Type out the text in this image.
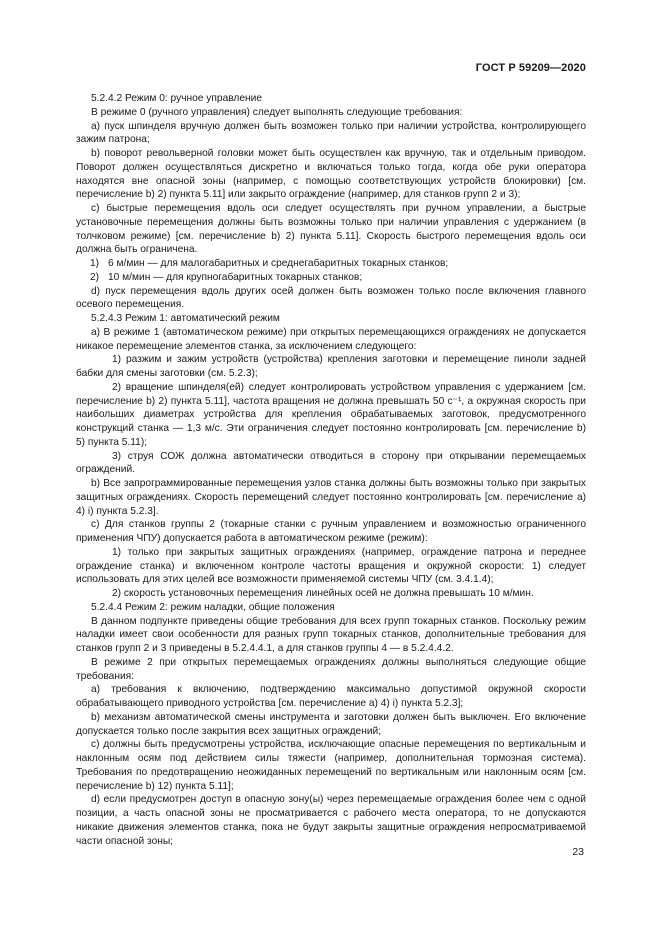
ГОСТ Р 59209—2020

5.2.4.2 Режим 0: ручное управление

В режиме 0 (ручного управления) следует выполнять следующие требования:

а) пуск шпинделя вручную должен быть возможен только при наличии устройства, контролирующего зажим патрона;

b) поворот револьверной головки может быть осуществлен как вручную, так и отдельным приводом. Поворот должен осуществляться дискретно и включаться только тогда, когда обе руки оператора находятся вне опасной зоны (например, с помощью соответствующих устройств блокировки) [см. перечисление b) 2) пункта 5.11] или закрыто ограждение (например, для станков групп 2 и 3);

с) быстрые перемещения вдоль оси следует осуществлять при ручном управлении, а быстрые установочные перемещения должны быть возможны только при наличии управления с удержанием (в толчковом режиме) [см. перечисление b) 2) пункта 5.11]. Скорость быстрого перемещения вдоль оси должна быть ограничена.

1) 6 м/мин — для малогабаритных и среднегабаритных токарных станков;

2) 10 м/мин — для крупногабаритных токарных станков;

d) пуск перемещения вдоль других осей должен быть возможен только после включения главного осевого перемещения.

5.2.4.3 Режим 1: автоматический режим

а) В режиме 1 (автоматическом режиме) при открытых перемещающихся ограждениях не допускается никакое перемещение элементов станка, за исключением следующего:

1) разжим и зажим устройств (устройства) крепления заготовки и перемещение пиноли задней бабки для смены заготовки (см. 5.2.3);

2) вращение шпинделя(ей) следует контролировать устройством управления с удержанием [см. перечисление b) 2) пункта 5.11], частота вращения не должна превышать 50 с⁻¹, а окружная скорость при наибольших диаметрах устройства для крепления обрабатываемых заготовок, предусмотренного конструкций станка — 1,3 м/с. Эти ограничения следует постоянно контролировать [см. перечисление b) 5) пункта 5.11);

3) струя СОЖ должна автоматически отводиться в сторону при открывании перемещаемых ограждений.

b) Все запрограммированные перемещения узлов станка должны быть возможны только при закрытых защитных ограждениях. Скорость перемещений следует постоянно контролировать [см. перечисление а) 4) i) пункта 5.2.3].

с) Для станков группы 2 (токарные станки с ручным управлением и возможностью ограниченного применения ЧПУ) допускается работа в автоматическом режиме (режим):

1) только при закрытых защитных ограждениях (например, ограждение патрона и переднее ограждение станка) и включенном контроле частоты вращения и окружной скорости: 1) следует использовать для этих целей все возможности применяемой системы ЧПУ (см. 3.4.1.4);

2) скорость установочных перемещения линейных осей не должна превышать 10 м/мин.

5.2.4.4 Режим 2: режим наладки, общие положения

В данном подпункте приведены общие требования для всех групп токарных станков. Поскольку режим наладки имеет свои особенности для разных групп токарных станков, дополнительные требования для станков групп 2 и 3 приведены в 5.2.4.4.1, а для станков группы 4 — в 5.2.4.4.2.

В режиме 2 при открытых перемещаемых ограждениях должны выполняться следующие общие требования:

а) требования к включению, подтверждению максимально допустимой окружной скорости обрабатывающего приводного устройства [см. перечисление а) 4) i) пункта 5.2.3];

b) механизм автоматической смены инструмента и заготовки должен быть выключен. Его включение допускается только после закрытия всех защитных ограждений;

с) должны быть предусмотрены устройства, исключающие опасные перемещения по вертикальным и наклонным осям под действием силы тяжести (например, дополнительная тормозная система). Требования по предотвращению неожиданных перемещений по вертикальным или наклонным осям [см. перечисление b) 12) пункта 5.11];

d) если предусмотрен доступ в опасную зону(ы) через перемещаемые ограждения более чем с одной позиции, а часть опасной зоны не просматривается с рабочего места оператора, то не допускаются никакие движения элементов станка, пока не будут закрыты защитные ограждения непросматриваемой части опасной зоны;

23
